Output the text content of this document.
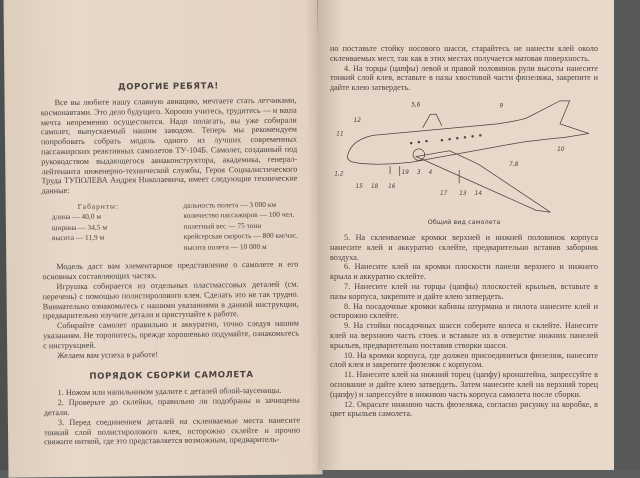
ДОРОГИЕ РЕБЯТА!

Все вы любите нашу славную авиацию, мечтаете стать летчиками, космонавтами. Это дело будущего. Хорошо учитесь, трудитесь — и ваша мечта непременно осуществится. Надо полагать, вы уже собирали самолет, выпускаемый нашим заводом. Теперь мы рекомендуем попробовать собрать модель одного из лучших современных пассажирских реактивных самолетов ТУ-104Б. Самолет, созданный под руководством выдающегося авиаконструктора, академика, генерал-лейтенанта инженерно-технической службы, Героя Социалистического Труда ТУПОЛЕВА Андрея Николаевича, имеет следующие технические данные:

Габариты:
длина — 40,0 м
ширина — 34,5 м
высота — 11,9 м
дальность полета — 3 000 км
количество пассажиров — 100 чел.
полетный вес — 75 тонн
крейсерская скорость — 800 км/час.
высота полета — 10 000 м

Модель даст вам элементарное представление о самолете и его основных составляющих частях.

Игрушка собирается из отдельных пластмассовых деталей (см. перечень) с помощью полистиролового клея. Сделать это не так трудно. Внимательно ознакомьтесь с нашими указаниями в данной инструкции, предварительно изучите детали и приступайте к работе.

Собирайте самолет правильно и аккуратно, точно следуя нашим указаниям. Не торопитесь, прежде хорошенько подумайте, ознакомьтесь с инструкцией.

Желаем вам успеха в работе!

ПОРЯДОК СБОРКИ САМОЛЕТА

1. Ножом или напильником удалите с деталей облой-заусеницы.

2. Проверьте до склейки, правильно ли подобраны и зачищены детали.

3. Перед соединением деталей на склеиваемые места нанесите тонкий слой полистиролового клея, осторожно склейте и прочно свяжите ниткой, где это представляется возможным, предваритель-

но поставьте стойку носового шасси, старайтесь не нанести клей около склеиваемых мест, так как в этих местах получается матовая поверхность.

4. На торцы (цапфы) левой и правой половинок рули высоты нанесите тонкий слой клея, вставьте в пазы хвостовой части фюзеляжа, закрепите и дайте клею затвердеть.

5,6	9
12
11
1,2
10
19 3 4
15 18 16
7,8
17 13 14
Общий вид самолета

5. На склеиваемые кромки верхней и нижней половинок корпуса нанесите клей и аккуратно склейте, предварительно вставив заборник воздуха.

6. Нанесите клей на кромки плоскости панели верхнего и нижнего крыла и аккуратно склейте.

7. Нанесите клей на торцы (цапфы) плоскостей крыльев, вставьте в пазы корпуса, закрепите и дайте клею затвердеть.

8. На посадочные кромки кабины штурмана и пилота нанесите клей и осторожно склейте.

9. На стойки посадочных шасси соберите колеса и склейте. Нанесите клей на верхнюю часть стоек и вставьте их в отверстие нижних панелей крыльев, предварительно поставив створки шасси.

10. На кромки корпуса, где должен присоединиться фюзеляж, нанесите слой клея и закрепите фюзеляж с корпусом.

11. Нанесите клей на нижний торец (цапфу) кронштейна, запрессуйте в основание и дайте клею затвердеть. Затем нанесите клей на верхний торец (цапфу) и запрессуйте в нижнюю часть корпуса самолета после сборки.

12. Окрасьте нижнюю часть фюзеляжа, согласно рисунку на коробке, в цвет крыльев самолета.
